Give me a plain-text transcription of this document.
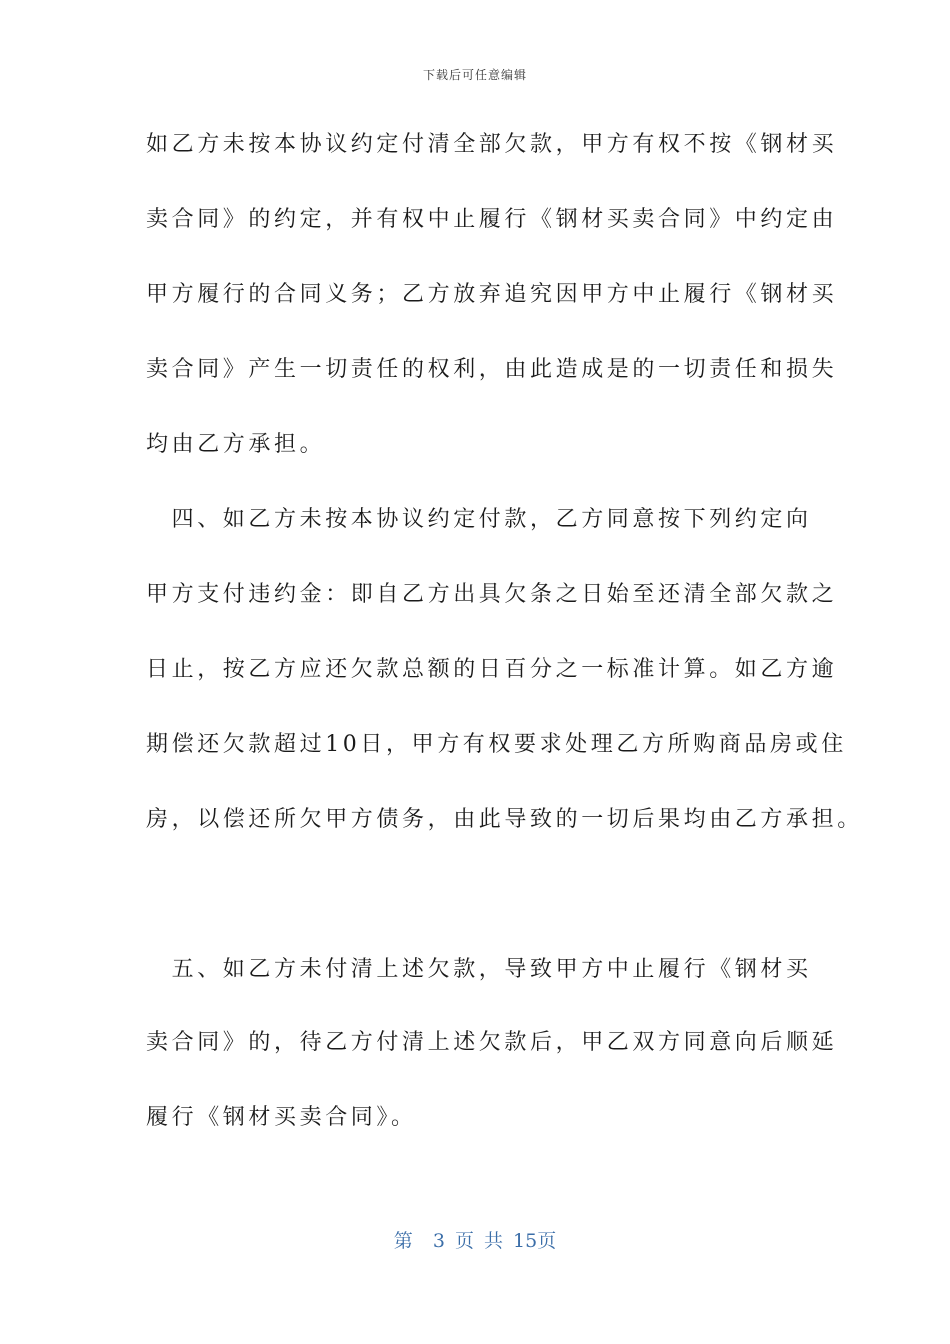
下载后可任意编辑
如乙方未按本协议约定付清全部欠款，甲方有权不按《钢材买
卖合同》的约定，并有权中止履行《钢材买卖合同》中约定由
甲方履行的合同义务；乙方放弃追究因甲方中止履行《钢材买
卖合同》产生一切责任的权利，由此造成是的一切责任和损失
均由乙方承担。
　四、如乙方未按本协议约定付款，乙方同意按下列约定向
甲方支付违约金：即自乙方出具欠条之日始至还清全部欠款之
日止，按乙方应还欠款总额的日百分之一标准计算。如乙方逾
期偿还欠款超过10日，甲方有权要求处理乙方所购商品房或住
房，以偿还所欠甲方债务，由此导致的一切后果均由乙方承担。
　五、如乙方未付清上述欠款，导致甲方中止履行《钢材买
卖合同》的，待乙方付清上述欠款后，甲乙双方同意向后顺延
履行《钢材买卖合同》。
第  3 页 共 15页
